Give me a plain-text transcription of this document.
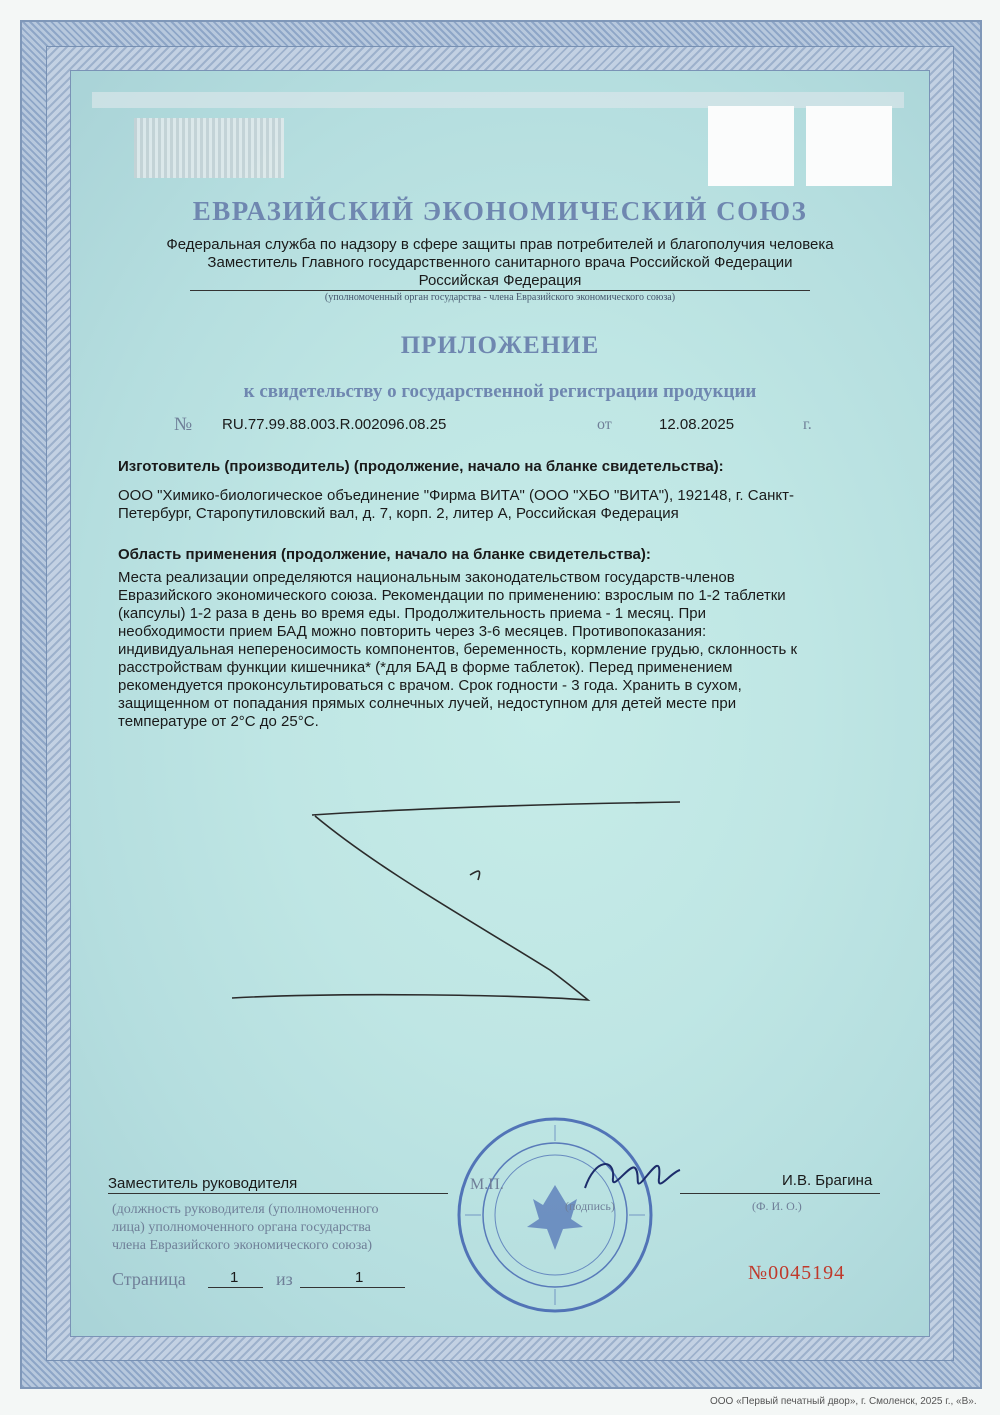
ЕВРАЗИЙСКИЙ ЭКОНОМИЧЕСКИЙ СОЮЗ
Федеральная служба по надзору в сфере защиты прав потребителей и благополучия человека
Заместитель Главного государственного санитарного врача Российской Федерации
Российская Федерация
(уполномоченный орган государства - члена Евразийского экономического союза)
ПРИЛОЖЕНИЕ
к свидетельству о государственной регистрации продукции
№ RU.77.99.88.003.R.002096.08.25	от	12.08.2025	г.
Изготовитель (производитель) (продолжение, начало на бланке свидетельства):
ООО "Химико-биологическое объединение "Фирма ВИТА" (ООО "ХБО "ВИТА"), 192148, г. Санкт-
Петербург, Старопутиловский вал, д. 7, корп. 2, литер А, Российская Федерация
Область применения (продолжение, начало на бланке свидетельства):
Места реализации определяются национальным законодательством государств-членов
Евразийского экономического союза. Рекомендации по применению: взрослым по 1-2 таблетки
(капсулы) 1-2 раза в день во время еды. Продолжительность приема - 1 месяц. При
необходимости прием БАД можно повторить через 3-6 месяцев. Противопоказания:
индивидуальная непереносимость компонентов, беременность, кормление грудью, склонность к
расстройствам функции кишечника* (*для БАД в форме таблеток). Перед применением
рекомендуется проконсультироваться с врачом. Срок годности - 3 года. Хранить в сухом,
защищенном от попадания прямых солнечных лучей, недоступном для детей месте при
температуре от 2°С до 25°С.
Заместитель руководителя	М.П.
(подпись)
И.В. Брагина
(Ф. И. О.)
(должность руководителя (уполномоченного
лица) уполномоченного органа государства
члена Евразийского экономического союза)
Страница	1 из	1	№0045194
ООО «Первый печатный двор», г. Смоленск, 2025 г., «В».
